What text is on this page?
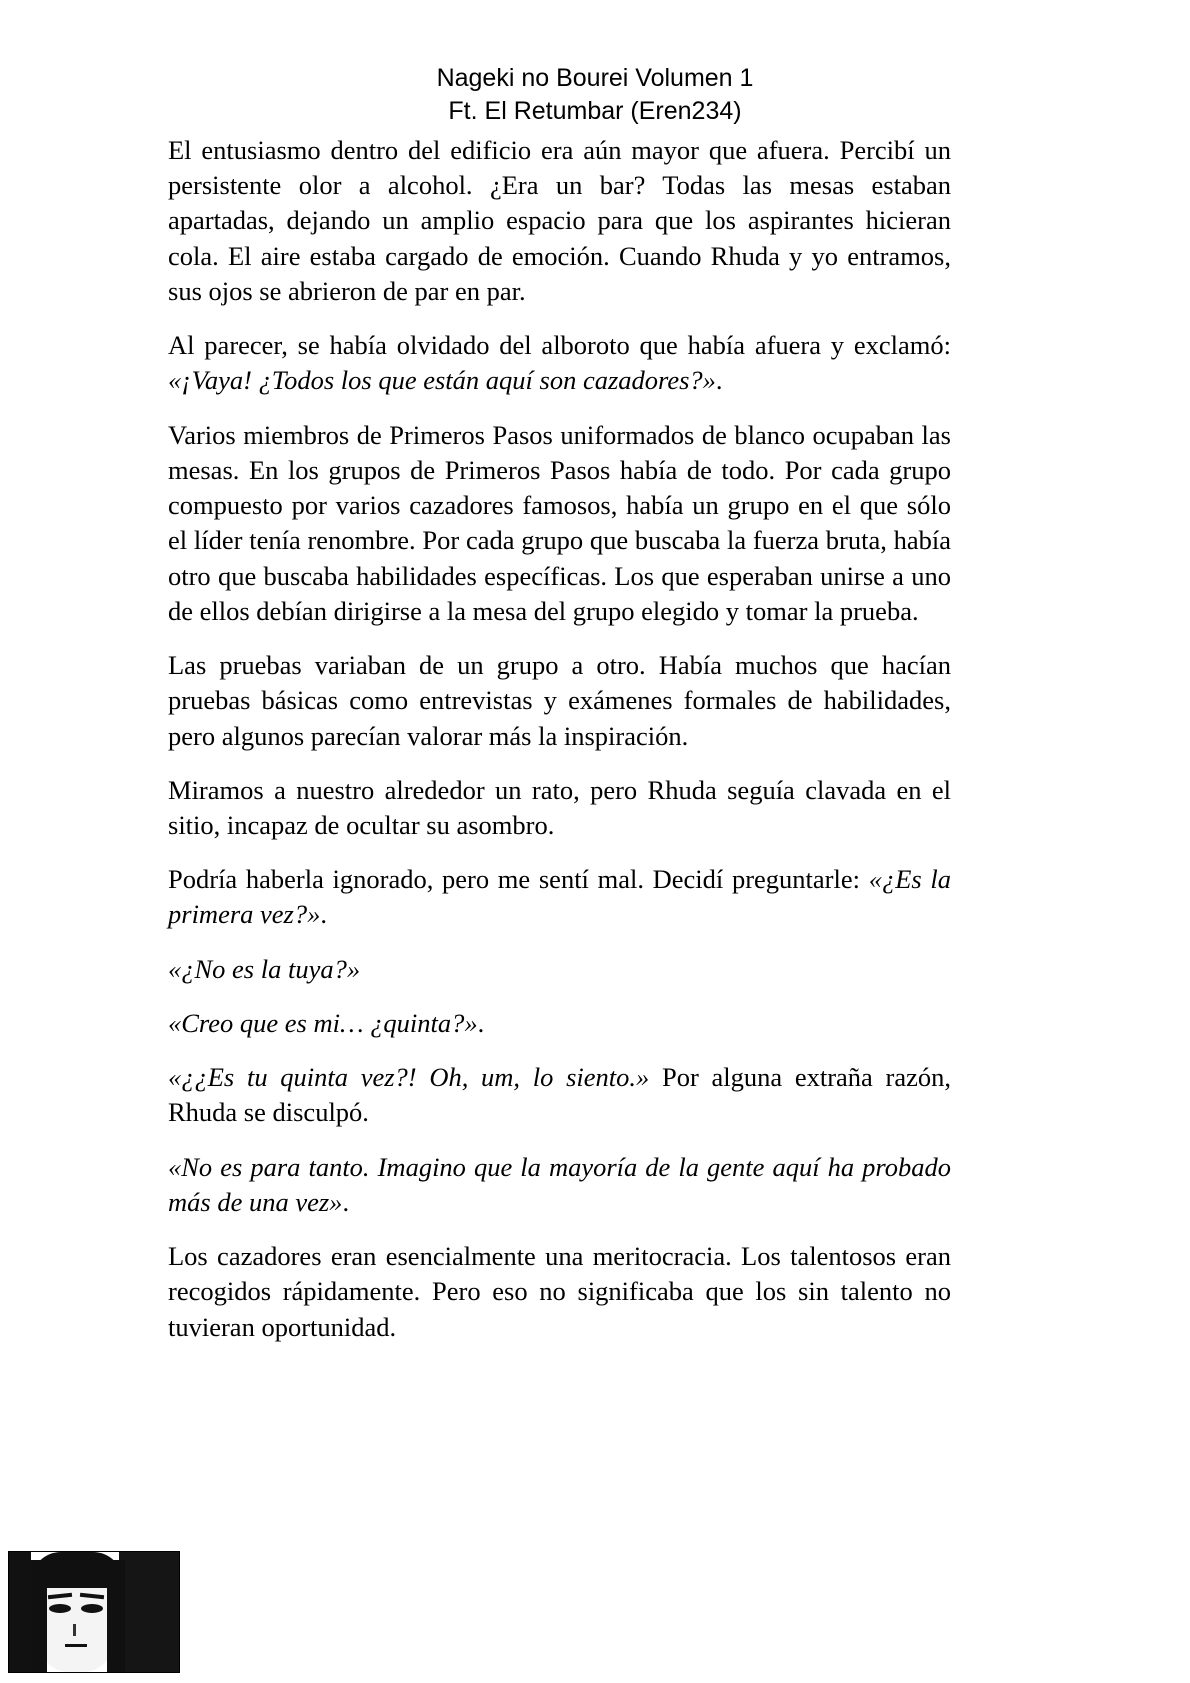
Nageki no Bourei Volumen 1
Ft. El Retumbar (Eren234)

El entusiasmo dentro del edificio era aún mayor que afuera. Percibí un persistente olor a alcohol. ¿Era un bar? Todas las mesas estaban apartadas, dejando un amplio espacio para que los aspirantes hicieran cola. El aire estaba cargado de emoción. Cuando Rhuda y yo entramos, sus ojos se abrieron de par en par.

Al parecer, se había olvidado del alboroto que había afuera y exclamó: «¡Vaya! ¿Todos los que están aquí son cazadores?».

Varios miembros de Primeros Pasos uniformados de blanco ocupaban las mesas. En los grupos de Primeros Pasos había de todo. Por cada grupo compuesto por varios cazadores famosos, había un grupo en el que sólo el líder tenía renombre. Por cada grupo que buscaba la fuerza bruta, había otro que buscaba habilidades específicas. Los que esperaban unirse a uno de ellos debían dirigirse a la mesa del grupo elegido y tomar la prueba.

Las pruebas variaban de un grupo a otro. Había muchos que hacían pruebas básicas como entrevistas y exámenes formales de habilidades, pero algunos parecían valorar más la inspiración.

Miramos a nuestro alrededor un rato, pero Rhuda seguía clavada en el sitio, incapaz de ocultar su asombro.

Podría haberla ignorado, pero me sentí mal. Decidí preguntarle: «¿Es la primera vez?».

«¿No es la tuya?»

«Creo que es mi… ¿quinta?».

«¿¿Es tu quinta vez?! Oh, um, lo siento.» Por alguna extraña razón, Rhuda se disculpó.

«No es para tanto. Imagino que la mayoría de la gente aquí ha probado más de una vez».

Los cazadores eran esencialmente una meritocracia. Los talentosos eran recogidos rápidamente. Pero eso no significaba que los sin talento no tuvieran oportunidad.
